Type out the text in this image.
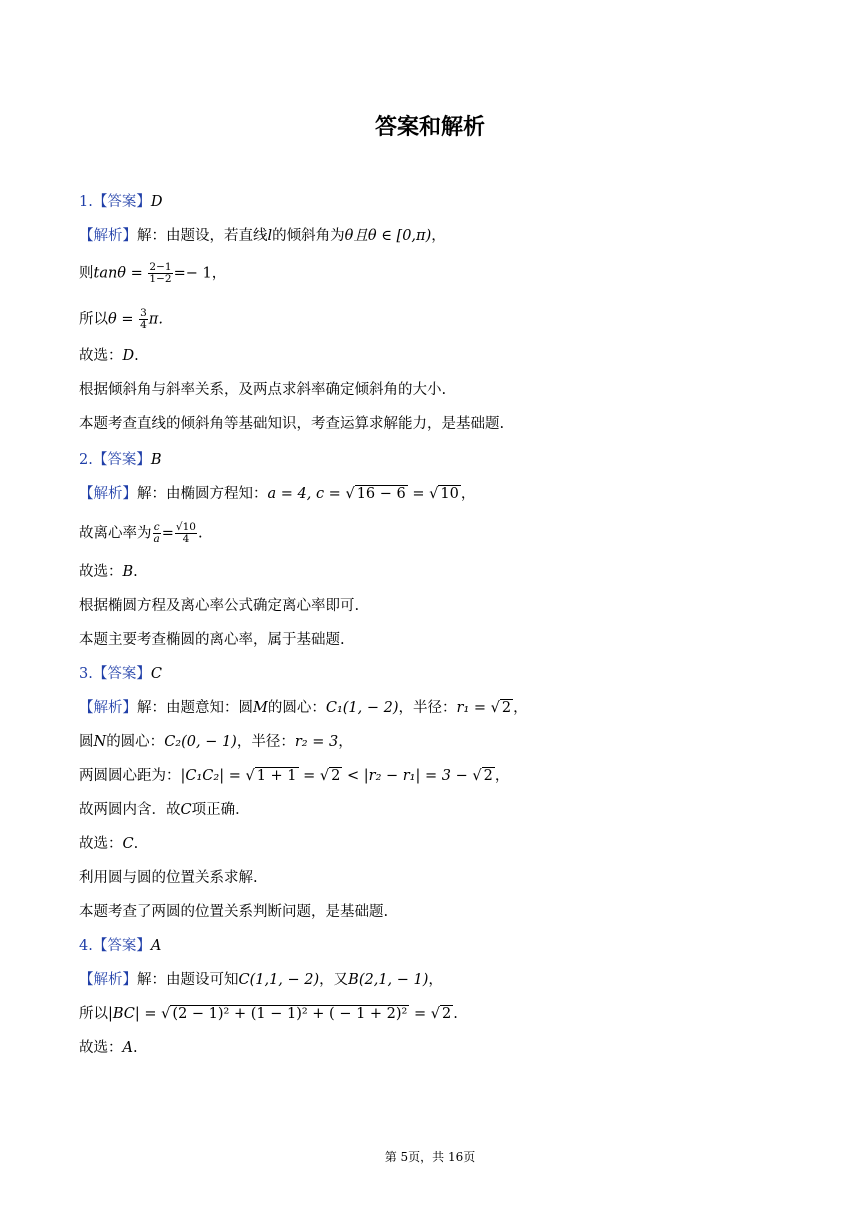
答案和解析
1.【答案】D
【解析】解：由题设，若直线l的倾斜角为θ且θ ∈ [0,π)，
则$\tan\theta = \frac{2-1}{1-2} =- 1$，
所以$\theta = \frac{3}{4} \pi$.
故选：D.
根据倾斜角与斜率关系，及两点求斜率确定倾斜角的大小.
本题考查直线的倾斜角等基础知识，考查运算求解能力，是基础题.
2.【答案】B
【解析】解：由椭圆方程知：a = 4, c = √ 16 − 6 = √ 10 ，
故离心率为 $\frac{c}{a} = \frac{√10}{4}$ .
故选：B.
根据椭圆方程及离心率公式确定离心率即可.
本题主要考查椭圆的离心率，属于基础题.
3.【答案】C
【解析】解：由题意知：圆M的圆心：C₁(1, − 2)，半径：r₁ = √ 2 ，
圆N的圆心：C₂(0, − 1)，半径：r₂ = 3，
两圆圆心距为：|C₁C₂| = √ 1 + 1 = √ 2 < |r₂ − r₁| = 3 − √ 2 ，
故两圆内含．故C项正确．
故选：C.
利用圆与圆的位置关系求解.
本题考查了两圆的位置关系判断问题，是基础题.
4.【答案】A
【解析】解：由题设可知C(1,1, − 2)，又B(2,1, − 1)，
所以|BC| = √ (2 − 1)² + (1 − 1)² + ( − 1 + 2)² = √ 2 .
故选：A.
第 5页，共 16页
